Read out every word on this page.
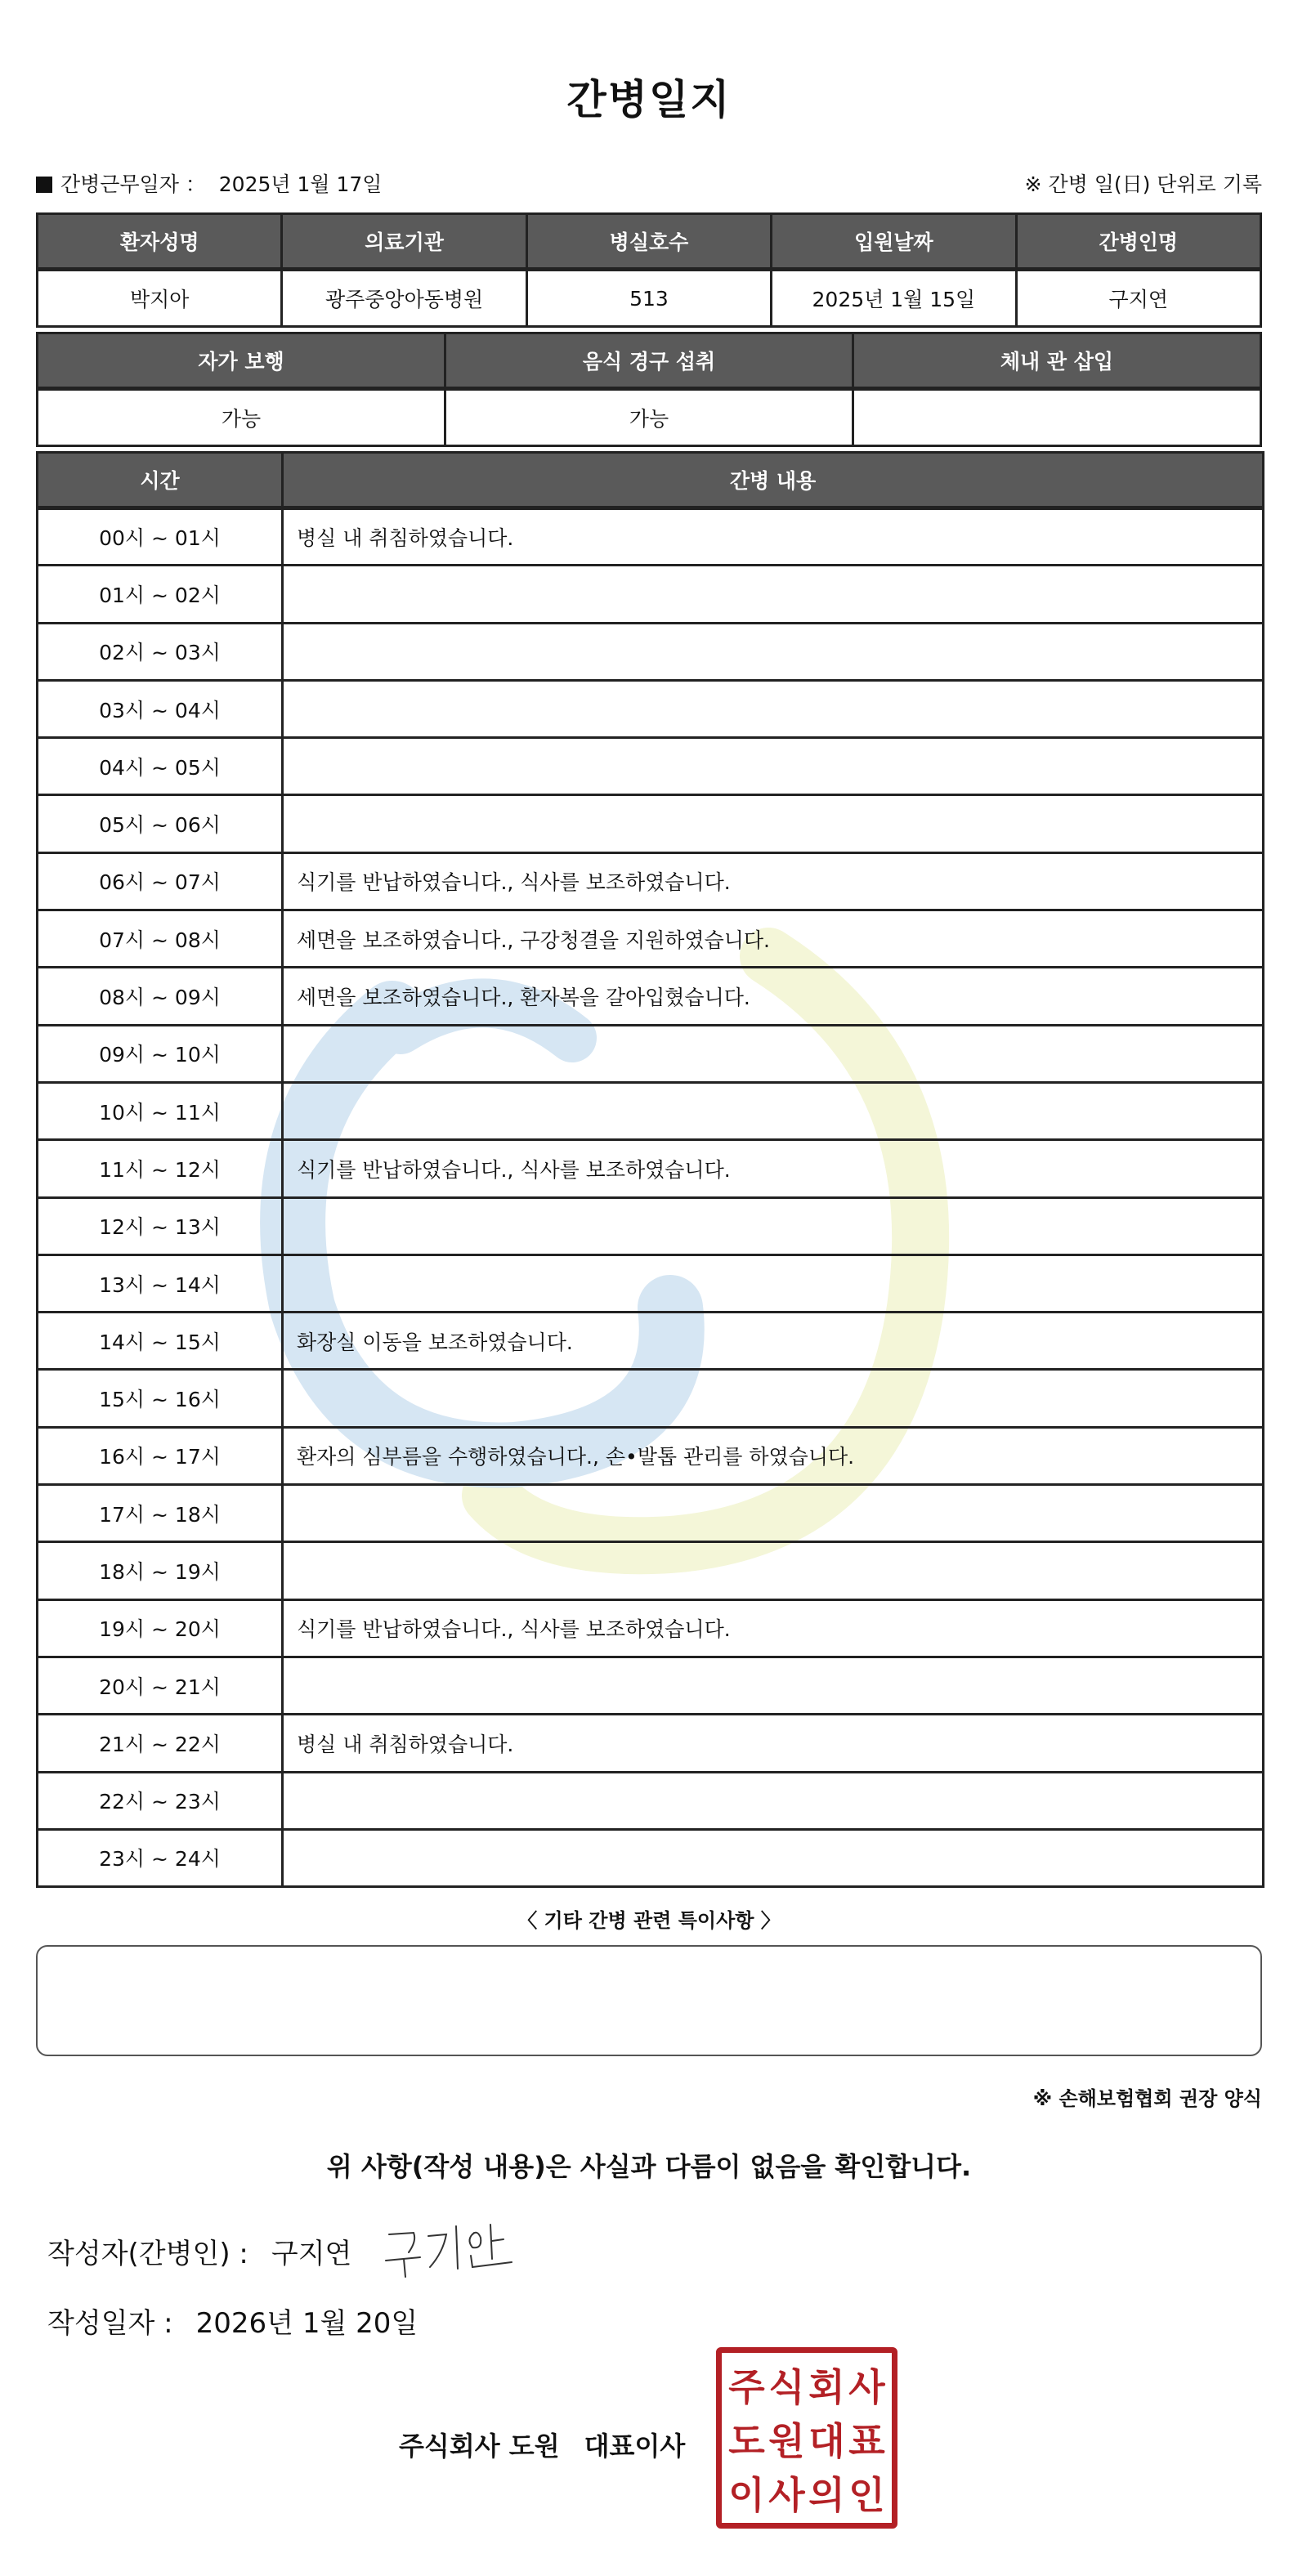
간병일지
간병근무일자 ： 2025년 1월 17일	※ 간병 일(日) 단위로 기록
환자성명	의료기관	병실호수	입원날짜	간병인명
박지아	광주중앙아동병원	513	2025년 1월 15일	구지연
자가 보행	음식 경구 섭취	체내 관 삽입
가능	가능	
시간	간병 내용
00시 ~ 01시	병실 내 취침하였습니다.
01시 ~ 02시	
02시 ~ 03시	
03시 ~ 04시	
04시 ~ 05시	
05시 ~ 06시	
06시 ~ 07시	식기를 반납하였습니다., 식사를 보조하였습니다.
07시 ~ 08시	세면을 보조하였습니다., 구강청결을 지원하였습니다.
08시 ~ 09시	세면을 보조하였습니다., 환자복을 갈아입혔습니다.
09시 ~ 10시	
10시 ~ 11시	
11시 ~ 12시	식기를 반납하였습니다., 식사를 보조하였습니다.
12시 ~ 13시	
13시 ~ 14시	
14시 ~ 15시	화장실 이동을 보조하였습니다.
15시 ~ 16시	
16시 ~ 17시	환자의 심부름을 수행하였습니다., 손•발톱 관리를 하였습니다.
17시 ~ 18시	
18시 ~ 19시	
19시 ~ 20시	식기를 반납하였습니다., 식사를 보조하였습니다.
20시 ~ 21시	
21시 ~ 22시	병실 내 취침하였습니다.
22시 ~ 23시	
23시 ~ 24시	
〈 기타 간병 관련 특이사항 〉
※ 손해보험협회 권장 양식
위 사항(작성 내용)은 사실과 다름이 없음을 확인합니다.
작성자(간병인) : 구지연
작성일자 : 2026년 1월 20일
주식회사 도원 대표이사
주 식 회 사
도 원 대 표
이 사 의 인
